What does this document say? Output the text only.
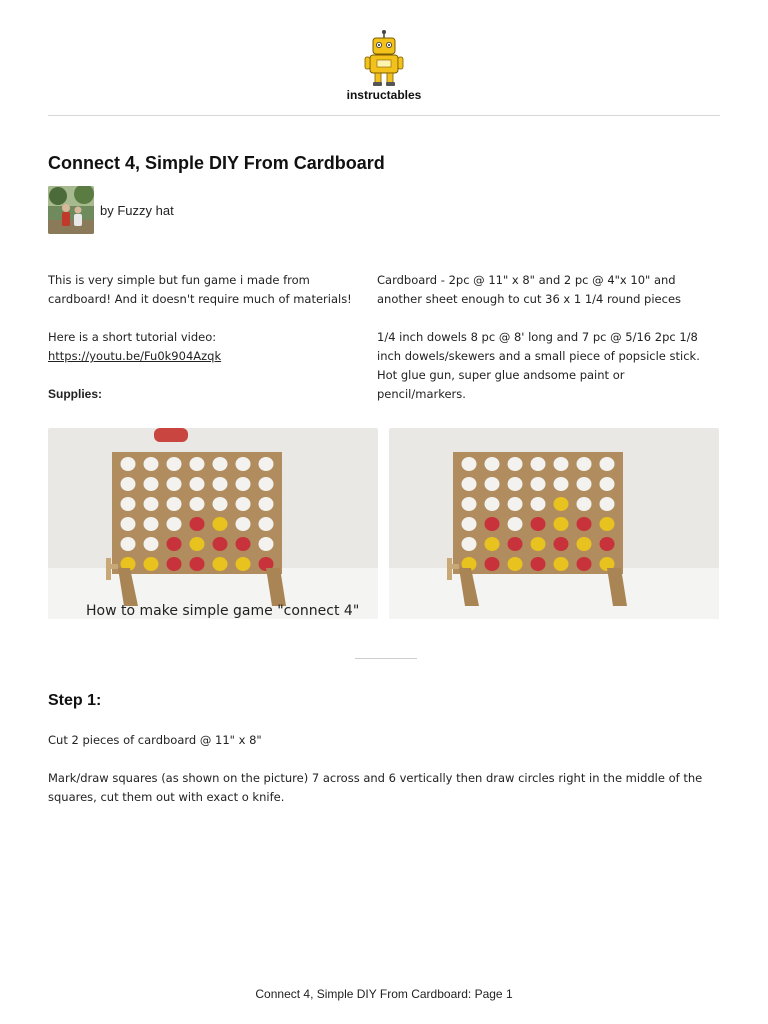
instructables
Connect 4, Simple DIY From Cardboard
by Fuzzy hat

This is very simple but fun game i made from cardboard! And it doesn't require much of materials!

Here is a short tutorial video:
https://youtu.be/Fu0k904Azqk

Supplies:

Cardboard - 2pc @ 11" x 8" and 2 pc @ 4"x 10" and another sheet enough to cut 36 x 1 1/4 round pieces

1/4 inch dowels 8 pc @ 8' long and 7 pc @ 5/16 2pc 1/8 inch dowels/skewers and a small piece of popsicle stick. Hot glue gun, super glue andsome paint or pencil/markers.

How to make simple game "connect 4"
Step 1:

Cut 2 pieces of cardboard @ 11" x 8"

Mark/draw squares (as shown on the picture) 7 across and 6 vertically then draw circles right in the middle of the squares, cut them out with exact o knife.

Connect 4, Simple DIY From Cardboard: Page 1
